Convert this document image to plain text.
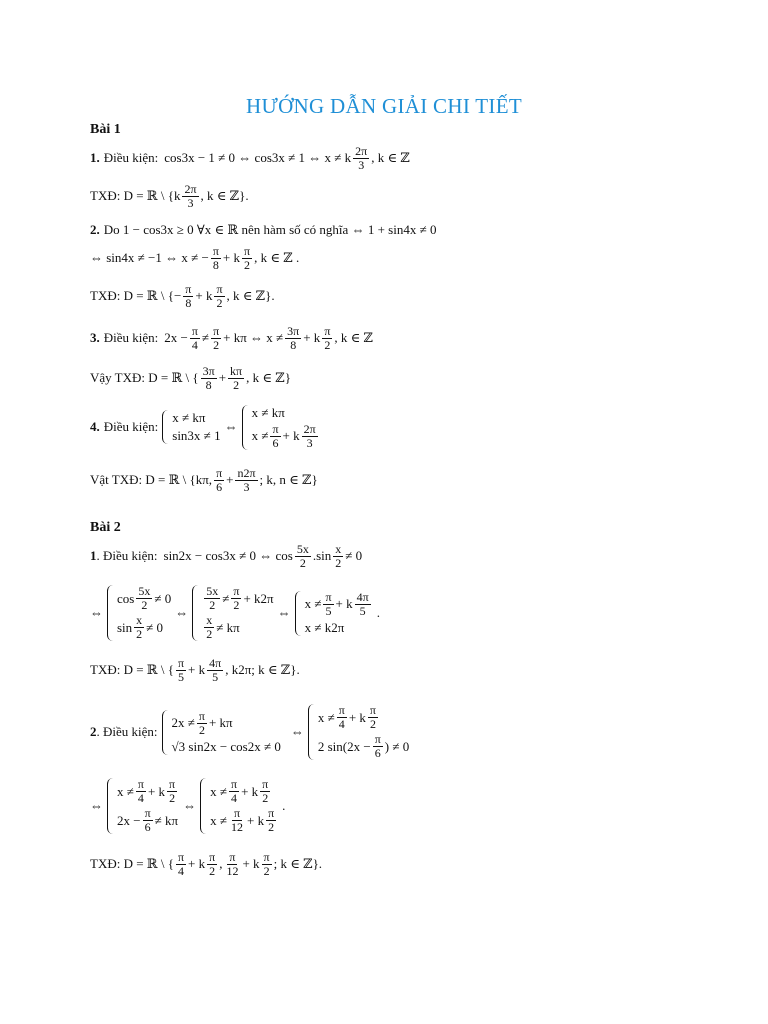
HƯỚNG DẪN GIẢI CHI TIẾT
Bài 1
1. Điều kiện: cos3x − 1 ≠ 0 ⇔ cos3x ≠ 1 ⇔ x ≠ k $\frac{2\pi}{3}$ , k ∈ ℤ
TXĐ: D = ℝ \ {$k \frac{2\pi}{3}$ , k ∈ ℤ}.
2. Do 1 − cos3x ≥ 0 ∀x ∈ ℝ nên hàm số có nghĩa ⇔ 1 + sin4x ≠ 0
⇔ sin4x ≠ −1 ⇔ x ≠ − $\frac{\pi}{8} + k \frac{\pi}{2}$ , k ∈ ℤ .
TXĐ: D = ℝ \ {− $\frac{\pi}{8} + k \frac{\pi}{2}$ , k ∈ ℤ}.
3. Điều kiện: $2x - \frac{\pi}{4} \ne \frac{\pi}{2} + k\pi$ ⇔ $x \ne \frac{3\pi}{8} + k \frac{\pi}{2}$ , k ∈ ℤ
Vậy TXĐ: D = ℝ \ { $\frac{3\pi}{8} + \frac{k\pi}{2}$ , k ∈ ℤ}
4. Điều kiện:
x ≠ kπ
sin3x ≠ 1
⇔
x ≠ kπ
$x \ne \frac{\pi}{6} + k \frac{2\pi}{3}$
Vật TXĐ: D = ℝ \ {kπ, $\frac{\pi}{6} + \frac{n2\pi}{3}$ ; k, n ∈ ℤ}
Bài 2
1 . Điều kiện: sin2x − cos3x ≠ 0 ⇔ $\cos \frac{5x}{2} .\sin \frac{x}{2} \ne 0$
⇔
$\cos \frac{5x}{2} \ne 0$
$\sin \frac{x}{2} \ne 0$
⇔
$\frac{5x}{2} \ne \frac{\pi}{2} + k2\pi$
$\frac{x}{2} \ne k\pi$
⇔
$x \ne \frac{\pi}{5} + k \frac{4\pi}{5}$
x ≠ k2π
.
TXĐ: D = ℝ \ { $\frac{\pi}{5} + k \frac{4\pi}{5}$ , k2π; k ∈ ℤ}.
2 . Điều kiện:
$2x \ne \frac{\pi}{2} + k\pi$
√3 sin2x − cos2x ≠ 0
⇔
$x \ne \frac{\pi}{4} + k \frac{\pi}{2}$
2 $\sin(2x - \frac{\pi}{6}$ ) ≠ 0
⇔
$x \ne \frac{\pi}{4} + k \frac{\pi}{2}$
$2x - \frac{\pi}{6} \ne k\pi$
⇔
$x \ne \frac{\pi}{4} + k \frac{\pi}{2}$
$x \ne \frac{\pi}{12} + k \frac{\pi}{2}$
.
TXĐ: D = ℝ \ { $\frac{\pi}{4} + k \frac{\pi}{2}$ , $\frac{\pi}{12} + k \frac{\pi}{2}$ ; k ∈ ℤ}.
